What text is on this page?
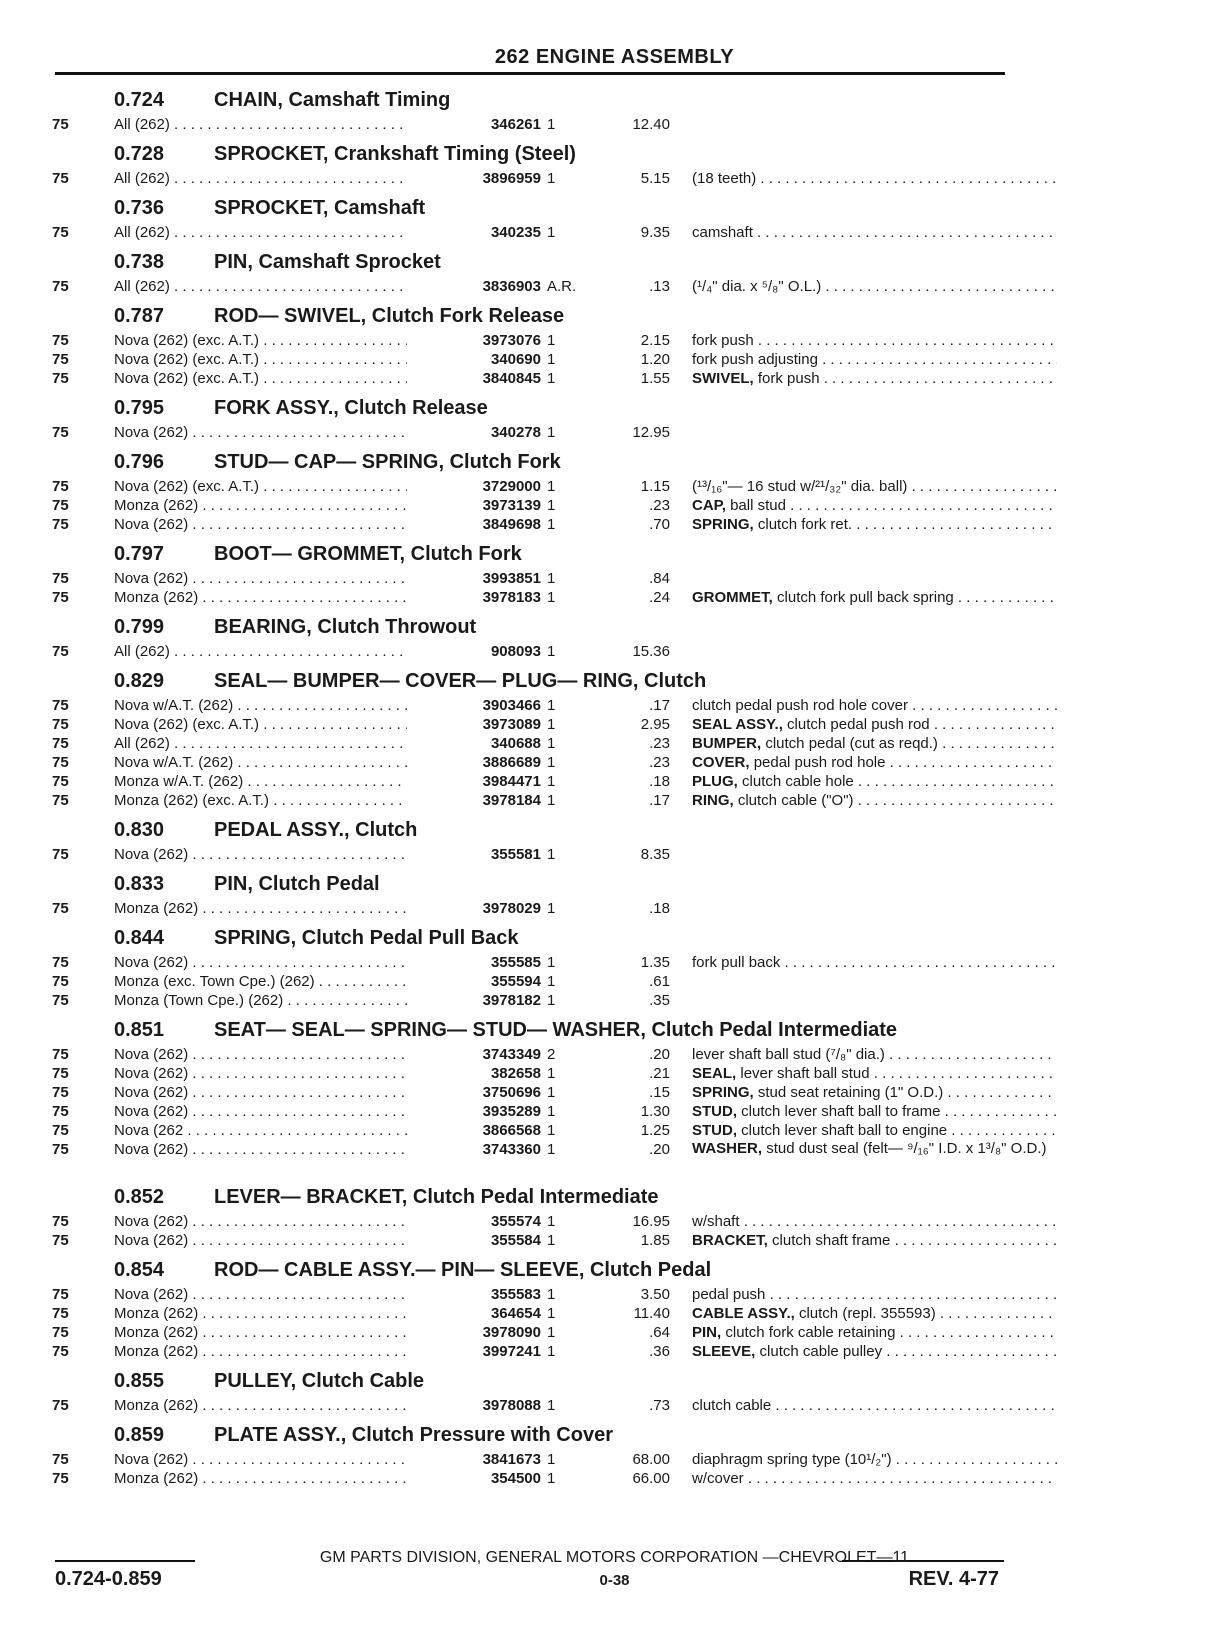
262 ENGINE ASSEMBLY
0.724 CHAIN, Camshaft Timing
75	All (262) . . .	346261 1	12.40
0.728 SPROCKET, Crankshaft Timing (Steel)
75	All (262) . . .	3896959 1	5.15 (18 teeth) . . .
0.736 SPROCKET, Camshaft
75	All (262) . . .	340235 1	9.35 camshaft . . .
0.738 PIN, Camshaft Sprocket
75	All (262) . . .	3836903 A.R.	.13 (¹/₄" dia. x ⁵/₈" O.L.) . . .
0.787 ROD— SWIVEL, Clutch Fork Release
75	Nova (262) (exc. A.T.) . . .	3973076 1	2.15 fork push . . .
75	Nova (262) (exc. A.T.) . . .	340690 1	1.20 fork push adjusting . . .
75	Nova (262) (exc. A.T.) . . .	3840845 1	1.55 SWIVEL, fork push . . .
0.795 FORK ASSY., Clutch Release
75	Nova (262) . . .	340278 1	12.95
0.796 STUD— CAP— SPRING, Clutch Fork
75	Nova (262) (exc. A.T.) . . .	3729000 1	1.15 (¹³/₁₆"— 16 stud w/²¹/₃₂" dia. ball) . . .
75	Monza (262) . . .	3973139 1	.23 CAP, ball stud . . .
75	Nova (262) . . .	3849698 1	.70 SPRING, clutch fork ret. . . .
0.797 BOOT— GROMMET, Clutch Fork
75	Nova (262) . . .	3993851 1	.84
75	Monza (262) . . .	3978183 1	.24 GROMMET, clutch fork pull back spring . . .
0.799 BEARING, Clutch Throwout
75	All (262) . . .	908093 1	15.36
0.829 SEAL— BUMPER— COVER— PLUG— RING, Clutch
75	Nova w/A.T. (262) . . .	3903466 1	.17 clutch pedal push rod hole cover . . .
75	Nova (262) (exc. A.T.) . . .	3973089 1	2.95 SEAL ASSY., clutch pedal push rod . . .
75	All (262) . . .	340688 1	.23 BUMPER, clutch pedal (cut as reqd.) . . .
75	Nova w/A.T. (262) . . .	3886689 1	.23 COVER, pedal push rod hole . . .
75	Monza w/A.T. (262) . . .	3984471 1	.18 PLUG, clutch cable hole . . .
75	Monza (262) (exc. A.T.) . . .	3978184 1	.17 RING, clutch cable ("O") . . .
0.830 PEDAL ASSY., Clutch
75	Nova (262) . . .	355581 1	8.35
0.833 PIN, Clutch Pedal
75	Monza (262) . . .	3978029 1	.18
0.844 SPRING, Clutch Pedal Pull Back
75	Nova (262) . . .	355585 1	1.35 fork pull back . . .
75	Monza (exc. Town Cpe.) (262) . . .	355594 1	.61
75	Monza (Town Cpe.) (262) . . .	3978182 1	.35
0.851 SEAT— SEAL— SPRING— STUD— WASHER, Clutch Pedal Intermediate
75	Nova (262) . . .	3743349 2	.20 lever shaft ball stud (⁷/₈" dia.) . . .
75	Nova (262) . . .	382658 1	.21 SEAL, lever shaft ball stud . . .
75	Nova (262) . . .	3750696 1	.15 SPRING, stud seat retaining (1" O.D.) . . .
75	Nova (262) . . .	3935289 1	1.30 STUD, clutch lever shaft ball to frame . . .
75	Nova (262 . . .	3866568 1	1.25 STUD, clutch lever shaft ball to engine . . .
75	Nova (262) . . .	3743360 1	.20 WASHER, stud dust seal (felt— ⁹/₁₆" I.D. x 1³/₈" O.D.)
0.852 LEVER— BRACKET, Clutch Pedal Intermediate
75	Nova (262) . . .	355574 1	16.95 w/shaft . . .
75	Nova (262) . . .	355584 1	1.85 BRACKET, clutch shaft frame . . .
0.854 ROD— CABLE ASSY.— PIN— SLEEVE, Clutch Pedal
75	Nova (262) . . .	355583 1	3.50 pedal push . . .
75	Monza (262) . . .	364654 1	11.40 CABLE ASSY., clutch (repl. 355593) . . .
75	Monza (262) . . .	3978090 1	.64 PIN, clutch fork cable retaining . . .
75	Monza (262) . . .	3997241 1	.36 SLEEVE, clutch cable pulley . . .
0.855 PULLEY, Clutch Cable
75	Monza (262) . . .	3978088 1	.73 clutch cable . . .
0.859 PLATE ASSY., Clutch Pressure with Cover
75	Nova (262) . . .	3841673 1	68.00 diaphragm spring type (10¹/₂") . . .
75	Monza (262) . . .	354500 1	66.00 w/cover . . .
GM PARTS DIVISION, GENERAL MOTORS CORPORATION —CHEVROLET—11
0.724-0.859	0-38	REV. 4-77
